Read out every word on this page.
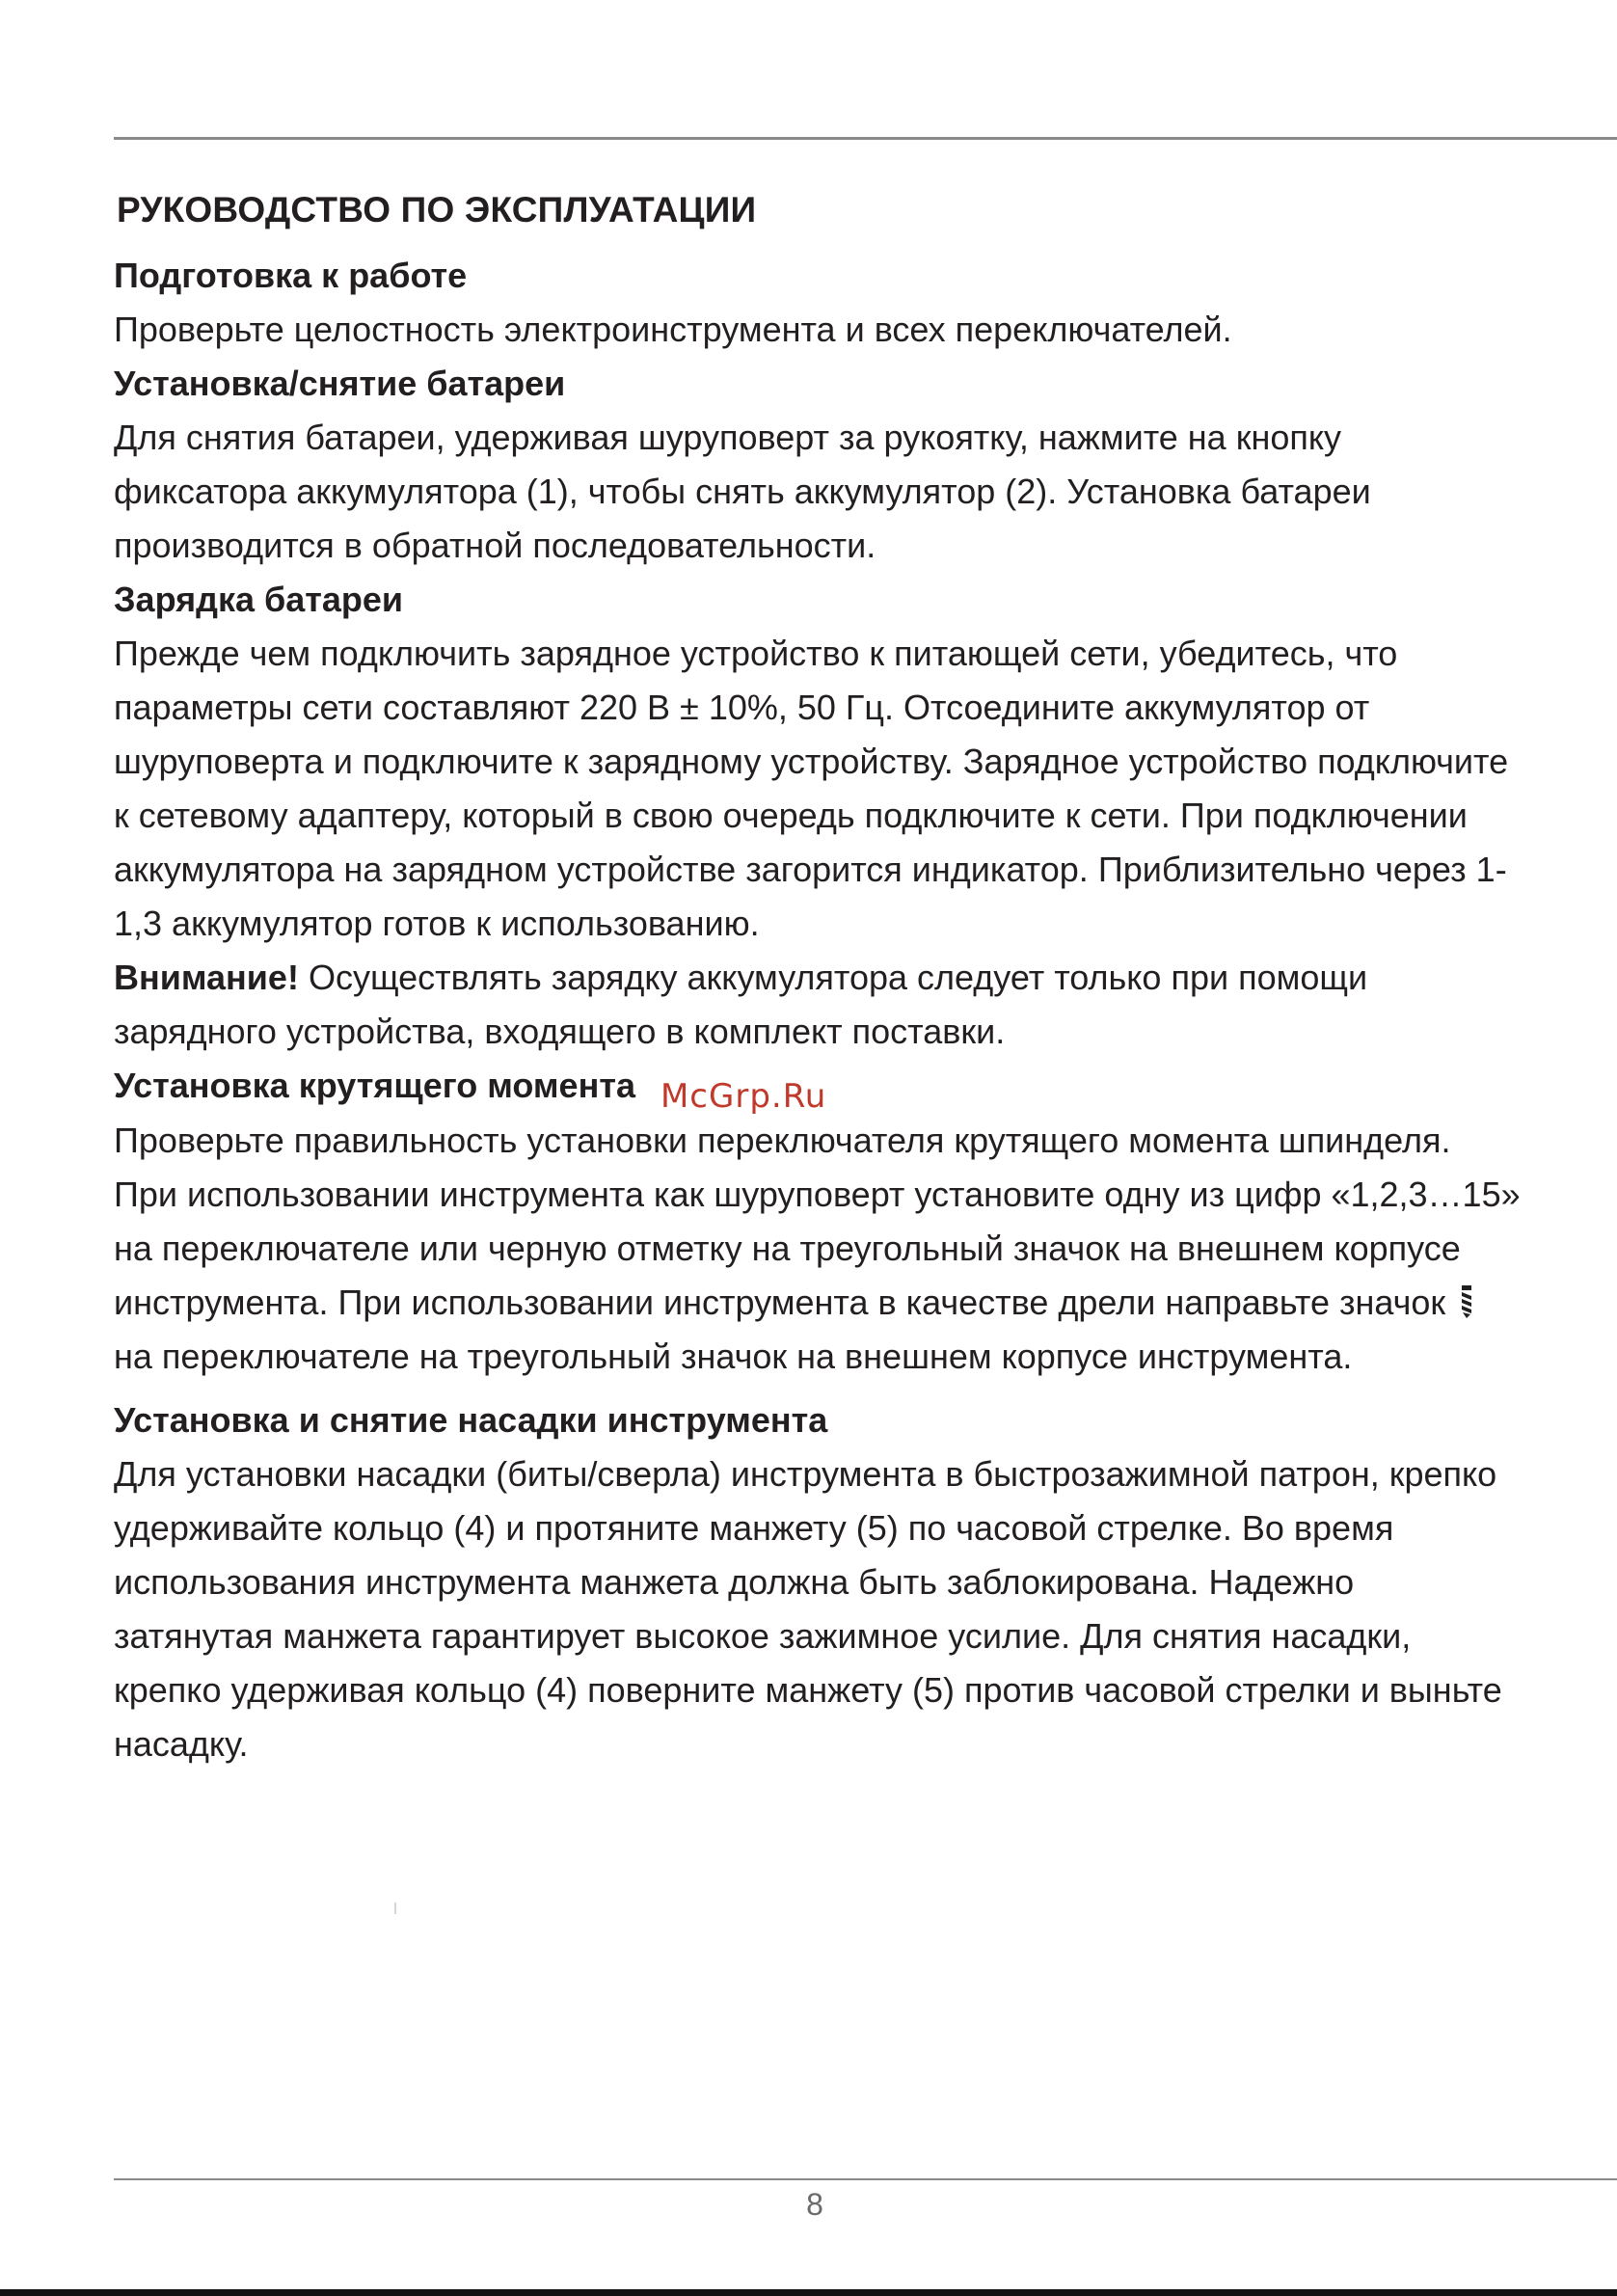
РУКОВОДСТВО ПО ЭКСПЛУАТАЦИИ
Подготовка к работе

Проверьте целостность электроинструмента и всех переключателей.

Установка/снятие батареи

Для снятия батареи, удерживая шуруповерт за рукоятку, нажмите на кнопку фиксатора аккумулятора (1), чтобы снять аккумулятор (2). Установка батареи производится в обратной последовательности.

Зарядка батареи

Прежде чем подключить зарядное устройство к питающей сети, убедитесь, что параметры сети составляют 220 В ± 10%, 50 Гц. Отсоедините аккумулятор от шуруповерта и подключите к зарядному устройству. Зарядное устройство подключите к сетевому адаптеру, который в свою очередь подключите к сети. При подключении аккумулятора на зарядном устройстве загорится индикатор. Приблизительно через 1-1,3 аккумулятор готов к использованию.

Внимание! Осуществлять зарядку аккумулятора следует только при помощи зарядного устройства, входящего в комплект поставки.

Установка крутящего момента McGrp.Ru

Проверьте правильность установки переключателя крутящего момента шпинделя. При использовании инструмента как шуруповерт установите одну из цифр «1,2,3…15» на переключателе или черную отметку на треугольный значок на внешнем корпусе инструмента. При использовании инструмента в качестве дрели направьте значок  на переключателе на треугольный значок на внешнем корпусе инструмента.

Установка и снятие насадки инструмента

Для установки насадки (биты/сверла) инструмента в быстрозажимной патрон, крепко удерживайте кольцо (4) и протяните манжету (5) по часовой стрелке. Во время использования инструмента манжета должна быть заблокирована. Надежно затянутая манжета гарантирует высокое зажимное усилие. Для снятия насадки, крепко удерживая кольцо (4) поверните манжету (5) против часовой стрелки и выньте насадку.

8
